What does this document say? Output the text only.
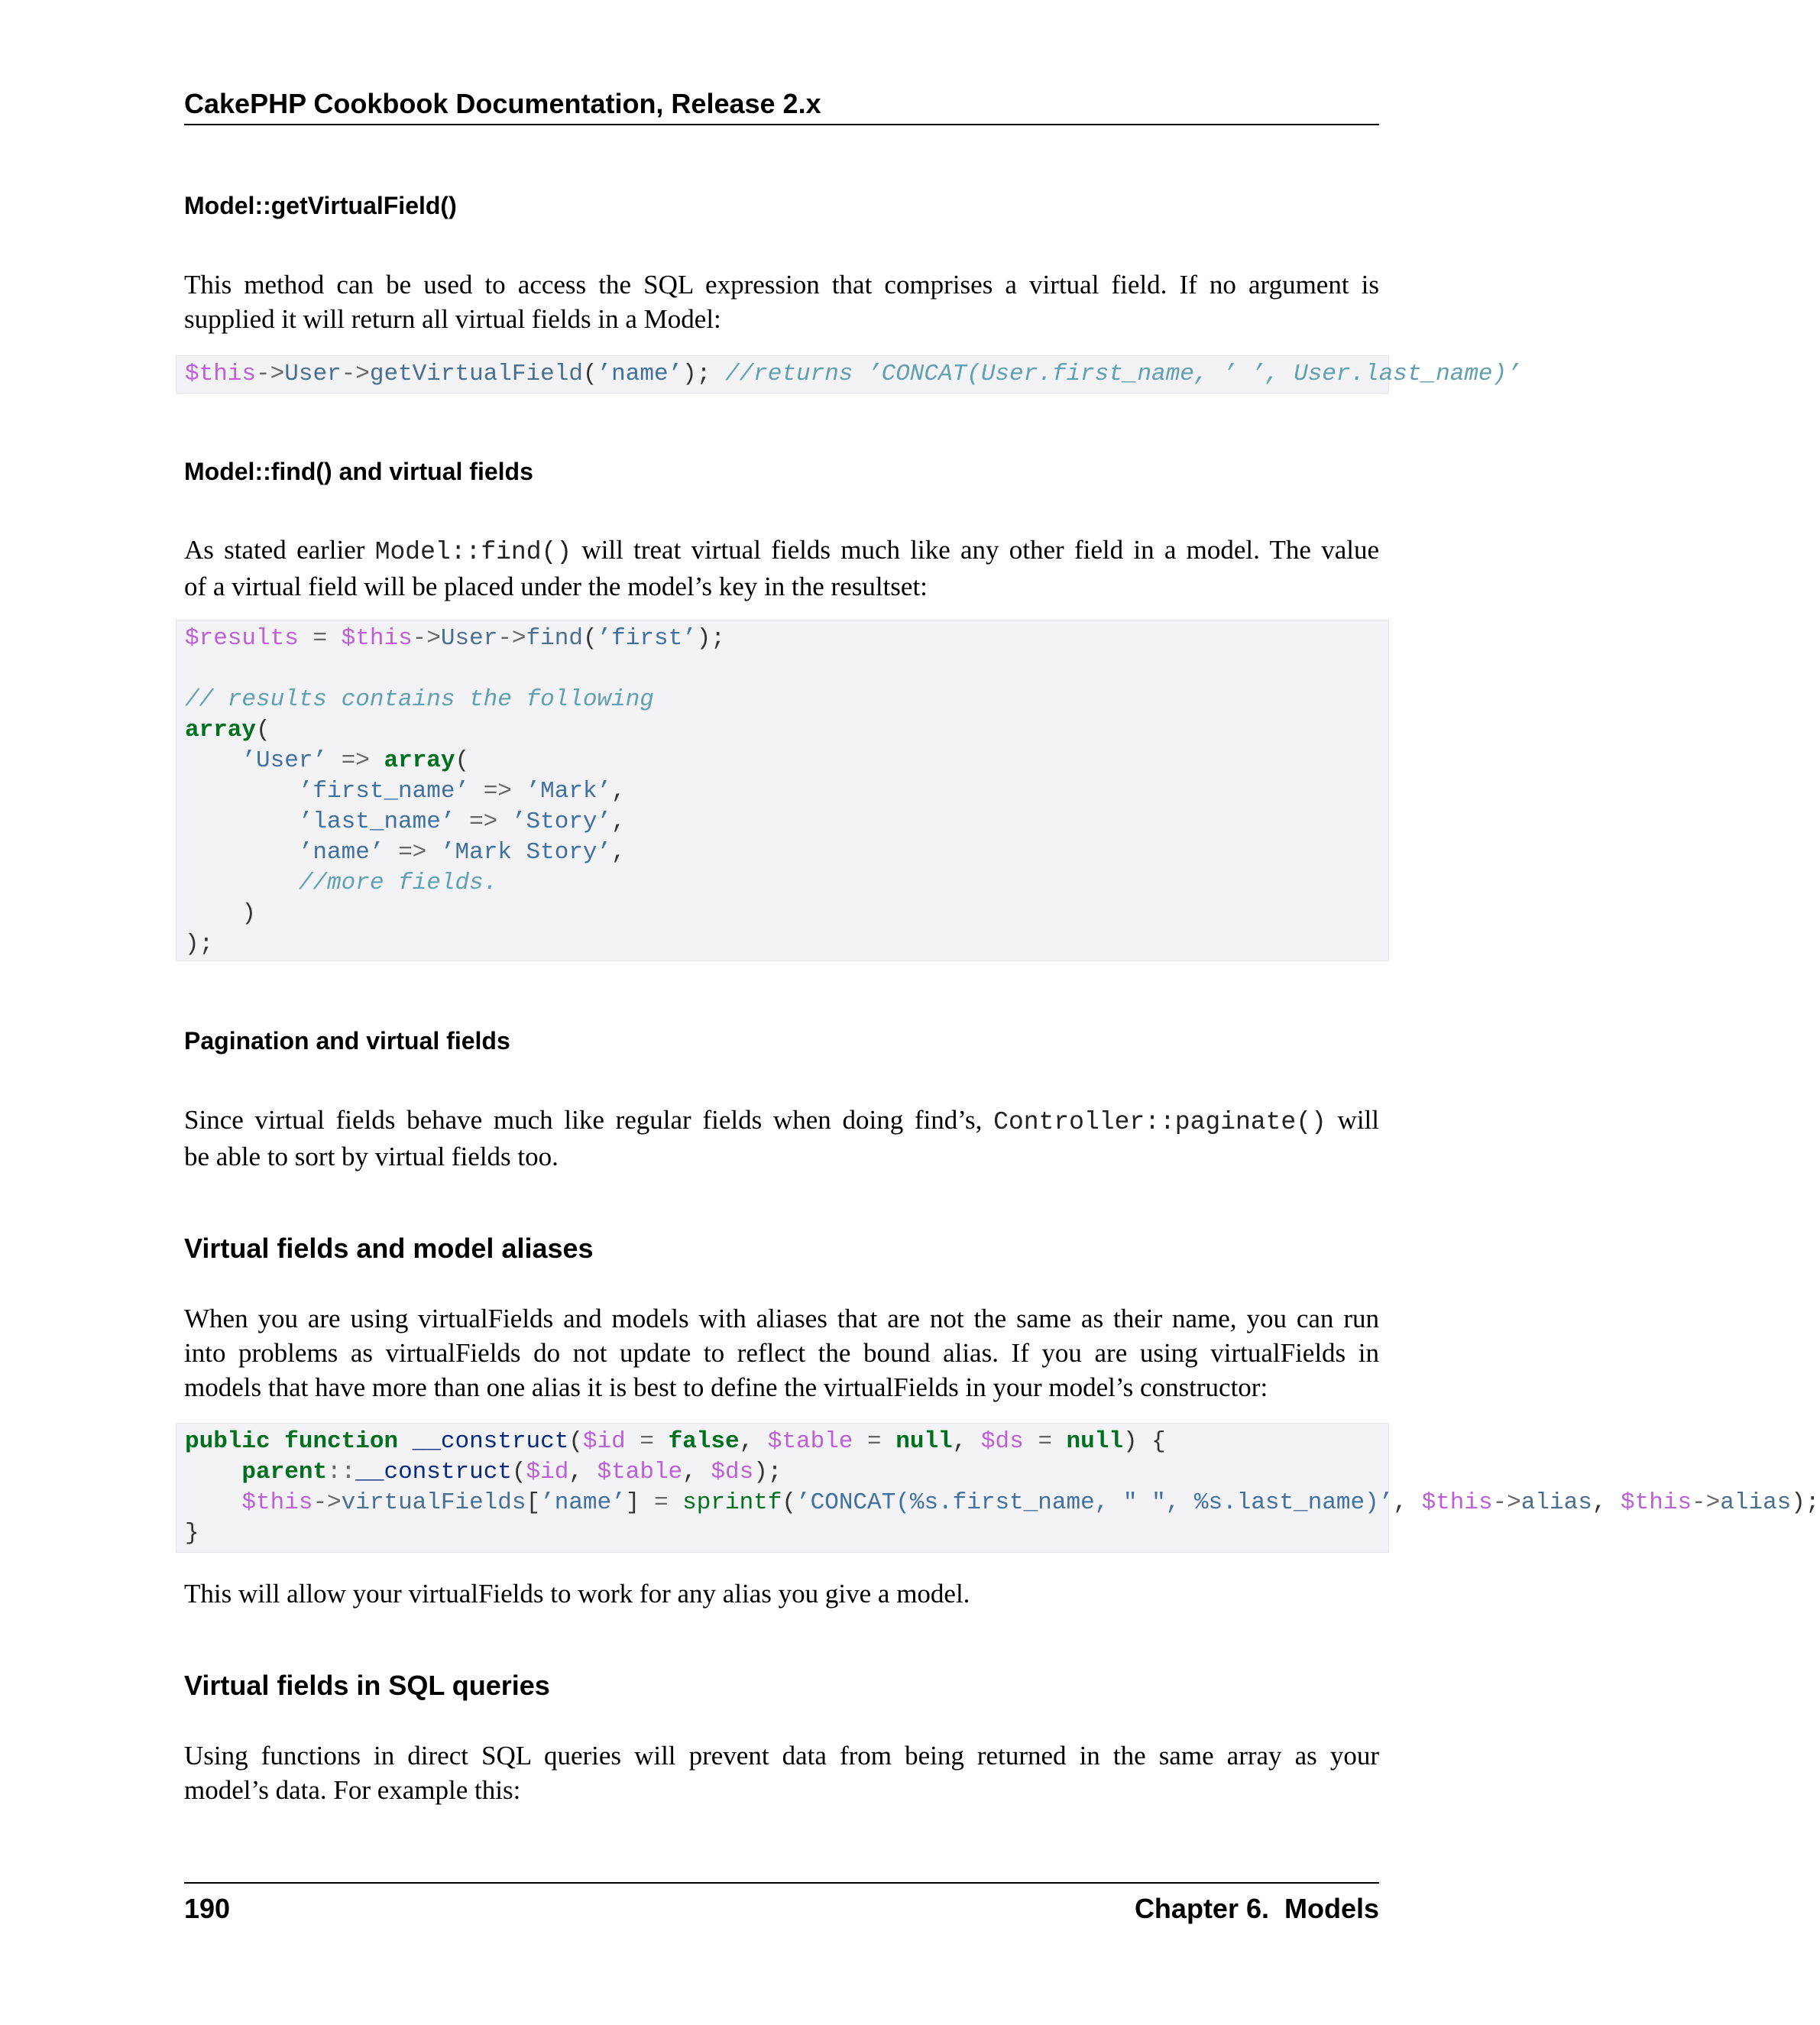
CakePHP Cookbook Documentation, Release 2.x
Model::getVirtualField()
This method can be used to access the SQL expression that comprises a virtual field. If no argument is
supplied it will return all virtual fields in a Model:
$this->User->getVirtualField(’name’); //returns ’CONCAT(User.first_name, ’ ’, User.last_name)’
Model::find() and virtual fields
As stated earlier Model::find() will treat virtual fields much like any other field in a model. The value
of a virtual field will be placed under the model’s key in the resultset:
$results = $this->User->find(’first’);

// results contains the following
array(
’User’ => array(
’first_name’ => ’Mark’,
’last_name’ => ’Story’,
’name’ => ’Mark Story’,
//more fields.
)
);
Pagination and virtual fields
Since virtual fields behave much like regular fields when doing find’s, Controller::paginate() will
be able to sort by virtual fields too.
Virtual fields and model aliases
When you are using virtualFields and models with aliases that are not the same as their name, you can run
into problems as virtualFields do not update to reflect the bound alias. If you are using virtualFields in
models that have more than one alias it is best to define the virtualFields in your model’s constructor:
public function __construct($id = false, $table = null, $ds = null) {
parent::__construct($id, $table, $ds);
$this->virtualFields[’name’] = sprintf(’CONCAT(%s.first_name, " ", %s.last_name)’, $this->alias, $this->alias);
}
This will allow your virtualFields to work for any alias you give a model.
Virtual fields in SQL queries
Using functions in direct SQL queries will prevent data from being returned in the same array as your
model’s data. For example this:
190	Chapter 6.  Models
